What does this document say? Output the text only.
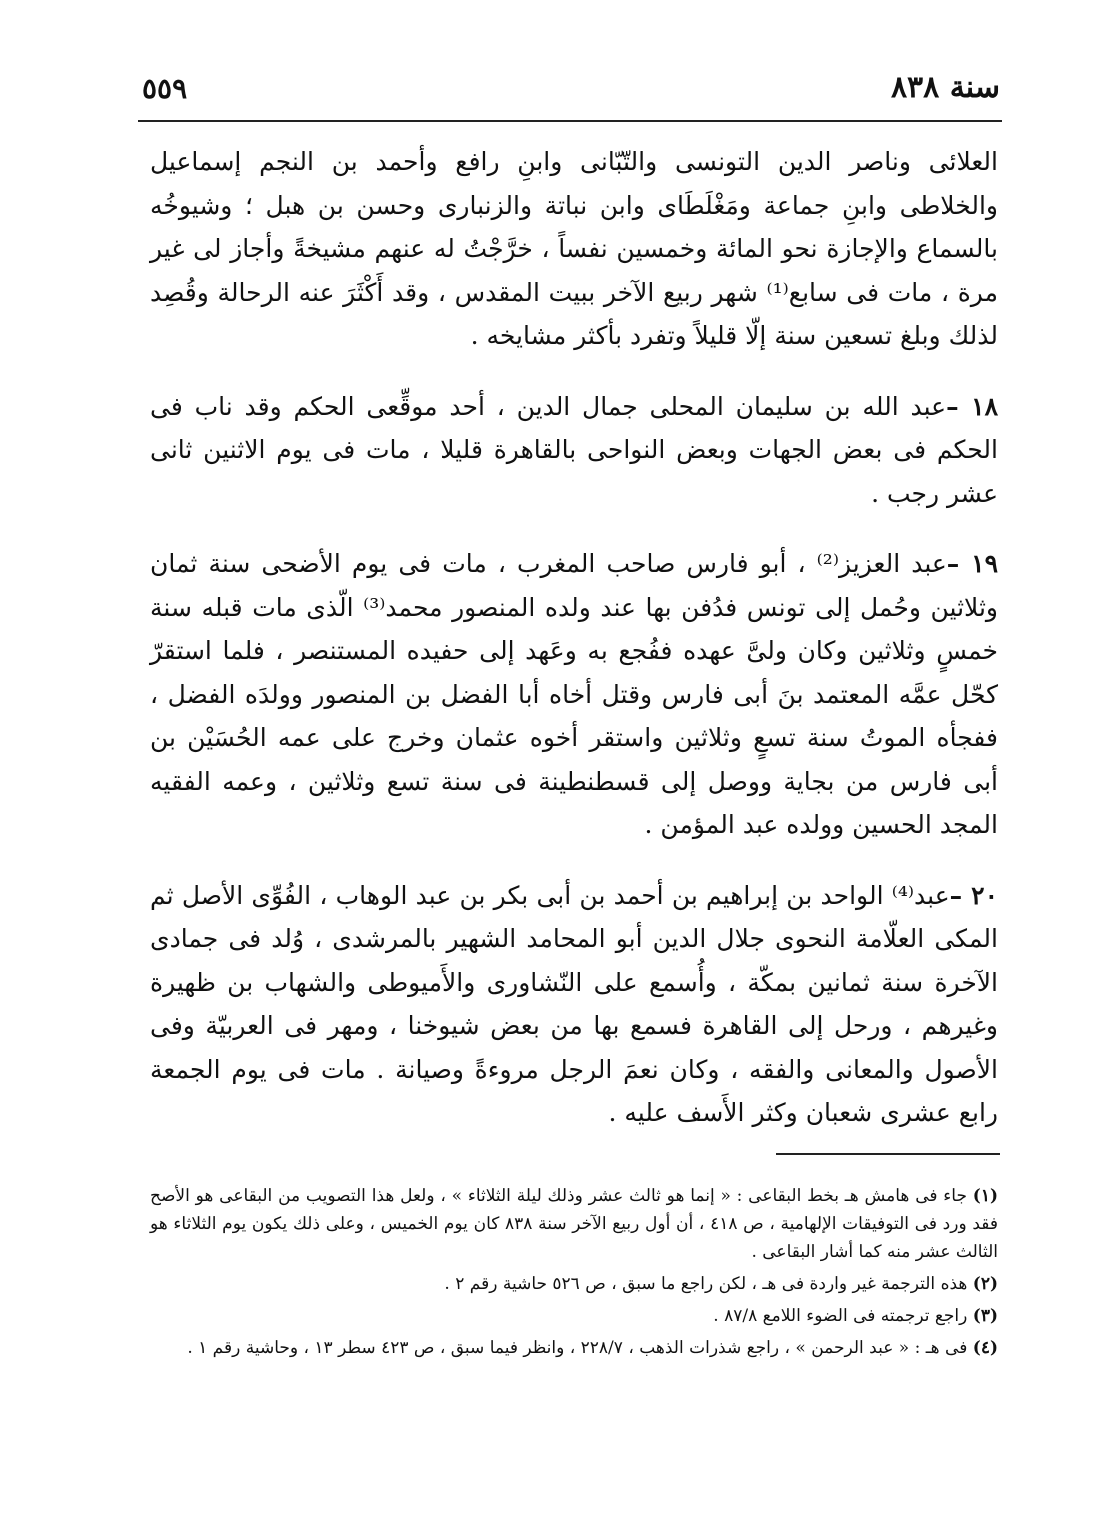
سنة ٨٣٨
٥٥٩

العلائى وناصر الدين التونسى والتّبّانى وابنِ رافع وأحمد بن النجم إسماعيل والخلاطى وابنِ جماعة ومَغْلَطَاى وابن نباتة والزنبارى وحسن بن هبل ؛ وشيوخُه بالسماع والإجازة نحو المائة وخمسين نفساً ، خرَّجْتُ له عنهم مشيخةً وأجاز لى غير مرة ، مات فى سابع⁽¹⁾ شهر ربيع الآخر ببيت المقدس ، وقد أَكْثَرَ عنه الرحالة وقُصِد لذلك وبلغ تسعين سنة إلّا قليلاً وتفرد بأكثر مشايخه .

١٨ –عبد الله بن سليمان المحلى جمال الدين ، أحد موقِّعى الحكم وقد ناب فى الحكم فى بعض الجهات وبعض النواحى بالقاهرة قليلا ، مات فى يوم الاثنين ثانى عشر رجب .

١٩ –عبد العزيز⁽²⁾ ، أبو فارس صاحب المغرب ، مات فى يوم الأضحى سنة ثمان وثلاثين وحُمل إلى تونس فدُفن بها عند ولده المنصور محمد⁽³⁾ الّذى مات قبله سنة خمسٍ وثلاثين وكان ولىَّ عهده ففُجع به وعَهد إلى حفيده المستنصر ، فلما استقرّ كحّل عمَّه المعتمد بنَ أبى فارس وقتل أخاه أبا الفضل بن المنصور وولدَه الفضل ، ففجأه الموتُ سنة تسعٍ وثلاثين واستقر أخوه عثمان وخرج على عمه الحُسَيْن بن أبى فارس من بجاية ووصل إلى قسطنطينة فى سنة تسع وثلاثين ، وعمه الفقيه المجد الحسين وولده عبد المؤمن .

٢٠ –عبد⁽⁴⁾ الواحد بن إبراهيم بن أحمد بن أبى بكر بن عبد الوهاب ، الفُوِّى الأصل ثم المكى العلّامة النحوى جلال الدين أبو المحامد الشهير بالمرشدى ، وُلد فى جمادى الآخرة سنة ثمانين بمكّة ، وأُسمع على النّشاورى والأَميوطى والشهاب بن ظهيرة وغيرهم ، ورحل إلى القاهرة فسمع بها من بعض شيوخنا ، ومهر فى العربيّة وفى الأصول والمعانى والفقه ، وكان نعمَ الرجل مروءةً وصيانة . مات فى يوم الجمعة رابع عشرى شعبان وكثر الأَسف عليه .

(١) جاء فى هامش هـ بخط البقاعى : « إنما هو ثالث عشر وذلك ليلة الثلاثاء » ، ولعل هذا التصويب من البقاعى هو الأصح فقد ورد فى التوفيقات الإلهامية ، ص ٤١٨ ، أن أول ربيع الآخر سنة ٨٣٨ كان يوم الخميس ، وعلى ذلك يكون يوم الثلاثاء هو الثالث عشر منه كما أشار البقاعى .

(٢) هذه الترجمة غير واردة فى هـ ، لكن راجع ما سبق ، ص ٥٢٦ حاشية رقم ٢ .

(٣) راجع ترجمته فى الضوء اللامع ٨٧/٨ .

(٤) فى هـ : « عبد الرحمن » ، راجع شذرات الذهب ، ٢٢٨/٧ ، وانظر فيما سبق ، ص ٤٢٣ سطر ١٣ ، وحاشية رقم ١ .
